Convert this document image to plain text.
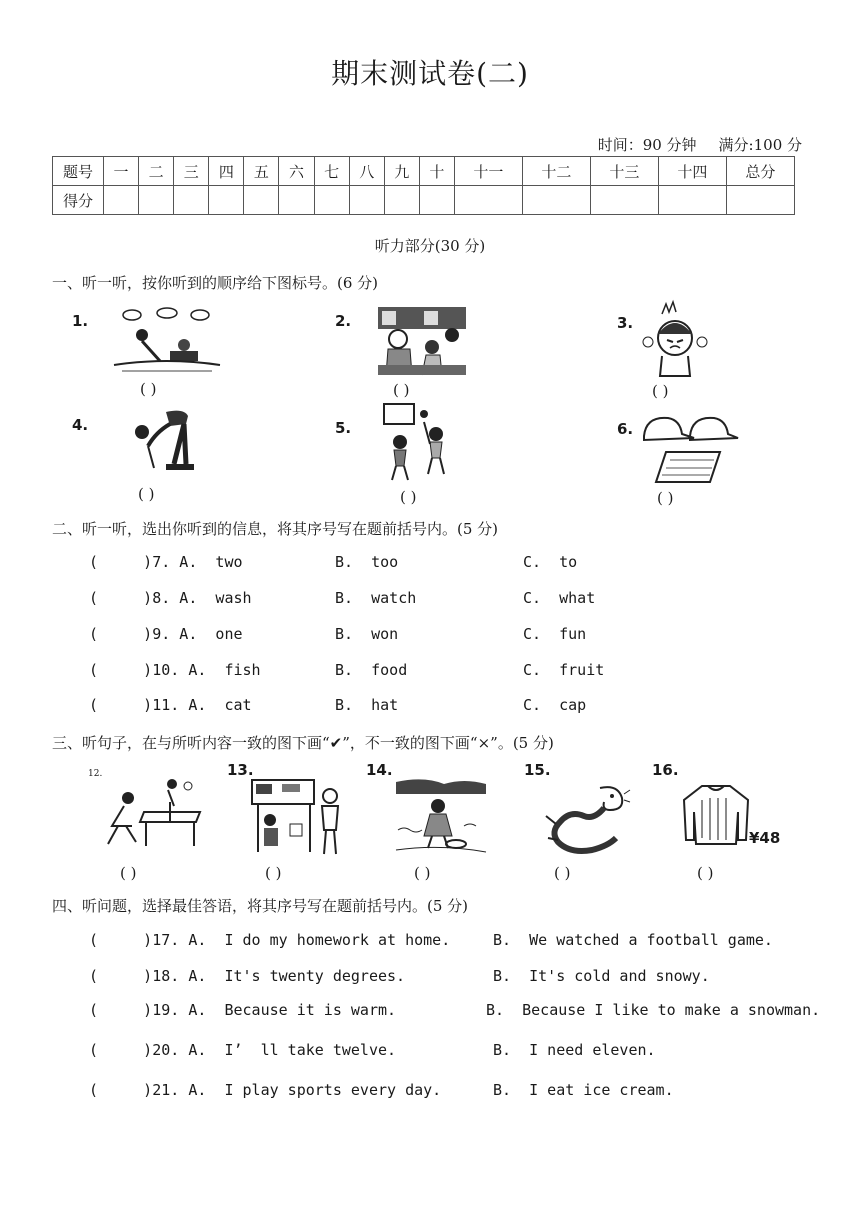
期末测试卷(二)
时间：90 分钟 满分:100 分
题号	一	二	三	四	五	六	七	八	九	十	十一	十二	十三	十四	总分
得分															
听力部分(30 分)
一、听一听，按你听到的顺序给下图标号。(6 分)
1.
( )
2.
( )
3.
( )
4.
( )
5.
( )
6.
( )
二、听一听，选出你听到的信息，将其序号写在题前括号内。(5 分)
(     )7. A.  two	B.  too	C.  to
(     )8. A.  wash	B.  watch	C.  what
(     )9. A.  one	B.  won	C.  fun
(     )10. A.  fish	B.  food	C.  fruit
(     )11. A.  cat	B.  hat	C.  cap
三、听句子，在与所听内容一致的图下画“✔”，不一致的图下画“×”。(5 分)
12.
( )
13.
( )
14.
( )
15.
( )
16.
¥48
( )
四、听问题，选择最佳答语，将其序号写在题前括号内。(5 分)
(     )17. A.  I do my homework at home.	B.  We watched a football game.
(     )18. A.  It's twenty degrees.	B.  It's cold and snowy.
(     )19. A.  Because it is warm.	B.  Because I like to make a snowman.
(     )20. A.  I’  ll take twelve.	B.  I need eleven.
(     )21. A.  I play sports every day.	B.  I eat ice cream.
